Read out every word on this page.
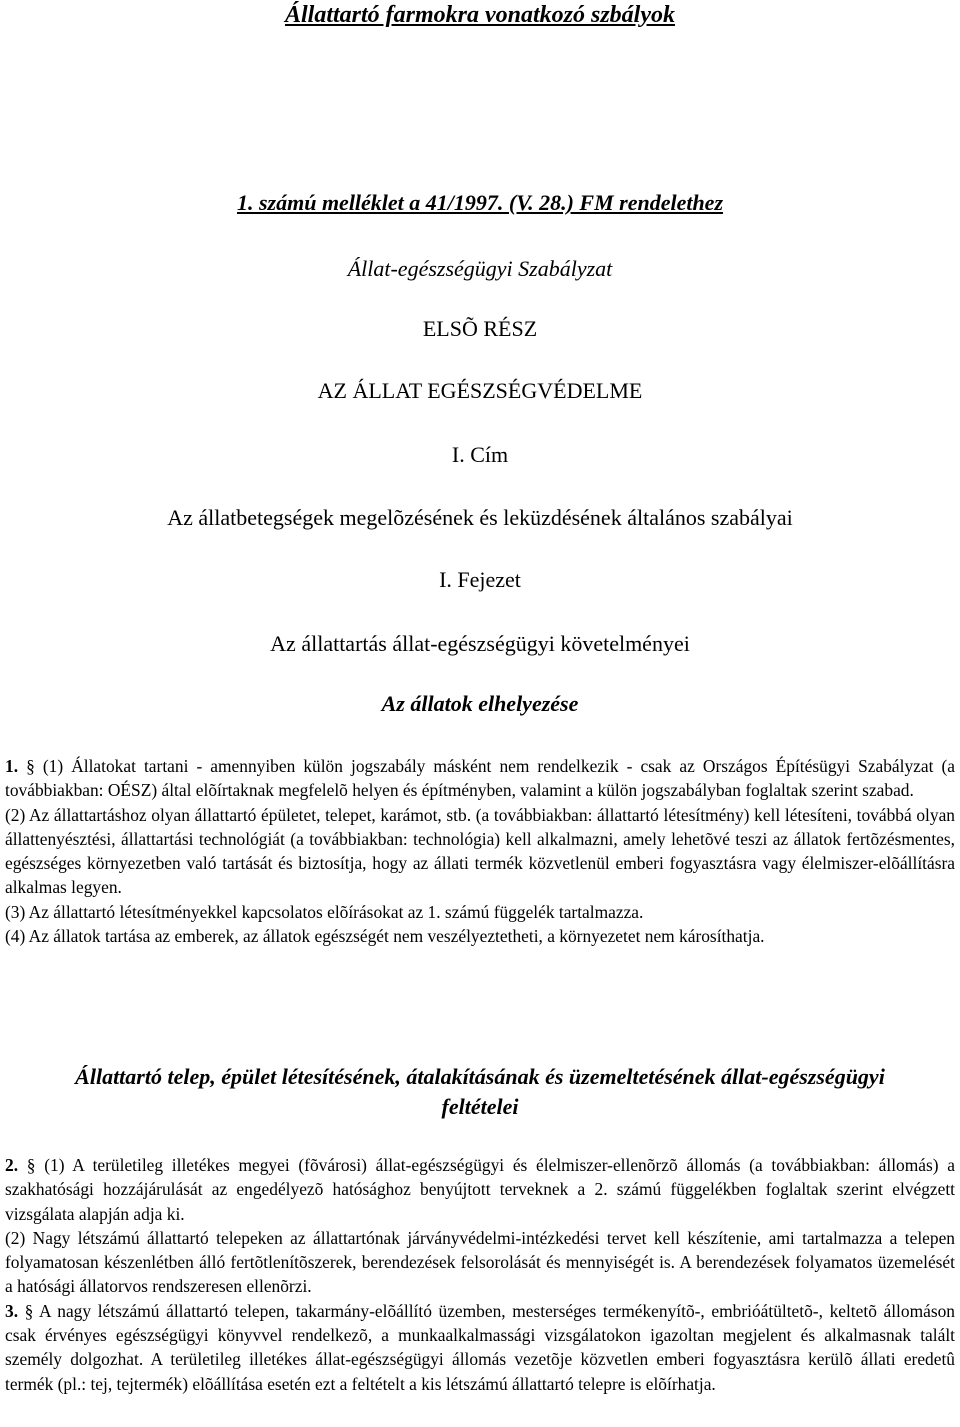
Állattartó farmokra vonatkozó szbályok
1. számú melléklet a 41/1997. (V. 28.) FM rendelethez
Állat-egészségügyi Szabályzat
ELSÕ RÉSZ
AZ ÁLLAT EGÉSZSÉGVÉDELME
I. Cím
Az állatbetegségek megelõzésének és leküzdésének általános szabályai
I. Fejezet
Az állattartás állat-egészségügyi követelményei
Az állatok elhelyezése

1. § (1) Állatokat tartani - amennyiben külön jogszabály másként nem rendelkezik - csak az Országos Építésügyi Szabályzat (a továbbiakban: OÉSZ) által elõírtaknak megfelelõ helyen és építményben, valamint a külön jogszabályban foglaltak szerint szabad.

(2) Az állattartáshoz olyan állattartó épületet, telepet, karámot, stb. (a továbbiakban: állattartó létesítmény) kell létesíteni, továbbá olyan állattenyésztési, állattartási technológiát (a továbbiakban: technológia) kell alkalmazni, amely lehetõvé teszi az állatok fertõzésmentes, egészséges környezetben való tartását és biztosítja, hogy az állati termék közvetlenül emberi fogyasztásra vagy élelmiszer-elõállításra alkalmas legyen.

(3) Az állattartó létesítményekkel kapcsolatos elõírásokat az 1. számú függelék tartalmazza.

(4) Az állatok tartása az emberek, az állatok egészségét nem veszélyeztetheti, a környezetet nem károsíthatja.

Állattartó telep, épület létesítésének, átalakításának és üzemeltetésének állat-egészségügyi feltételei

2. § (1) A területileg illetékes megyei (fõvárosi) állat-egészségügyi és élelmiszer-ellenõrzõ állomás (a továbbiakban: állomás) a szakhatósági hozzájárulását az engedélyezõ hatósághoz benyújtott terveknek a 2. számú függelékben foglaltak szerint elvégzett vizsgálata alapján adja ki.

(2) Nagy létszámú állattartó telepeken az állattartónak járványvédelmi-intézkedési tervet kell készítenie, ami tartalmazza a telepen folyamatosan készenlétben álló fertõtlenítõszerek, berendezések felsorolását és mennyiségét is. A berendezések folyamatos üzemelését a hatósági állatorvos rendszeresen ellenõrzi.

3. § A nagy létszámú állattartó telepen, takarmány-elõállító üzemben, mesterséges termékenyítõ-, embrióátültetõ-, keltetõ állomáson csak érvényes egészségügyi könyvvel rendelkezõ, a munkaalkalmassági vizsgálatokon igazoltan megjelent és alkalmasnak talált személy dolgozhat. A területileg illetékes állat-egészségügyi állomás vezetõje közvetlen emberi fogyasztásra kerülõ állati eredetû termék (pl.: tej, tejtermék) elõállítása esetén ezt a feltételt a kis létszámú állattartó telepre is elõírhatja.
